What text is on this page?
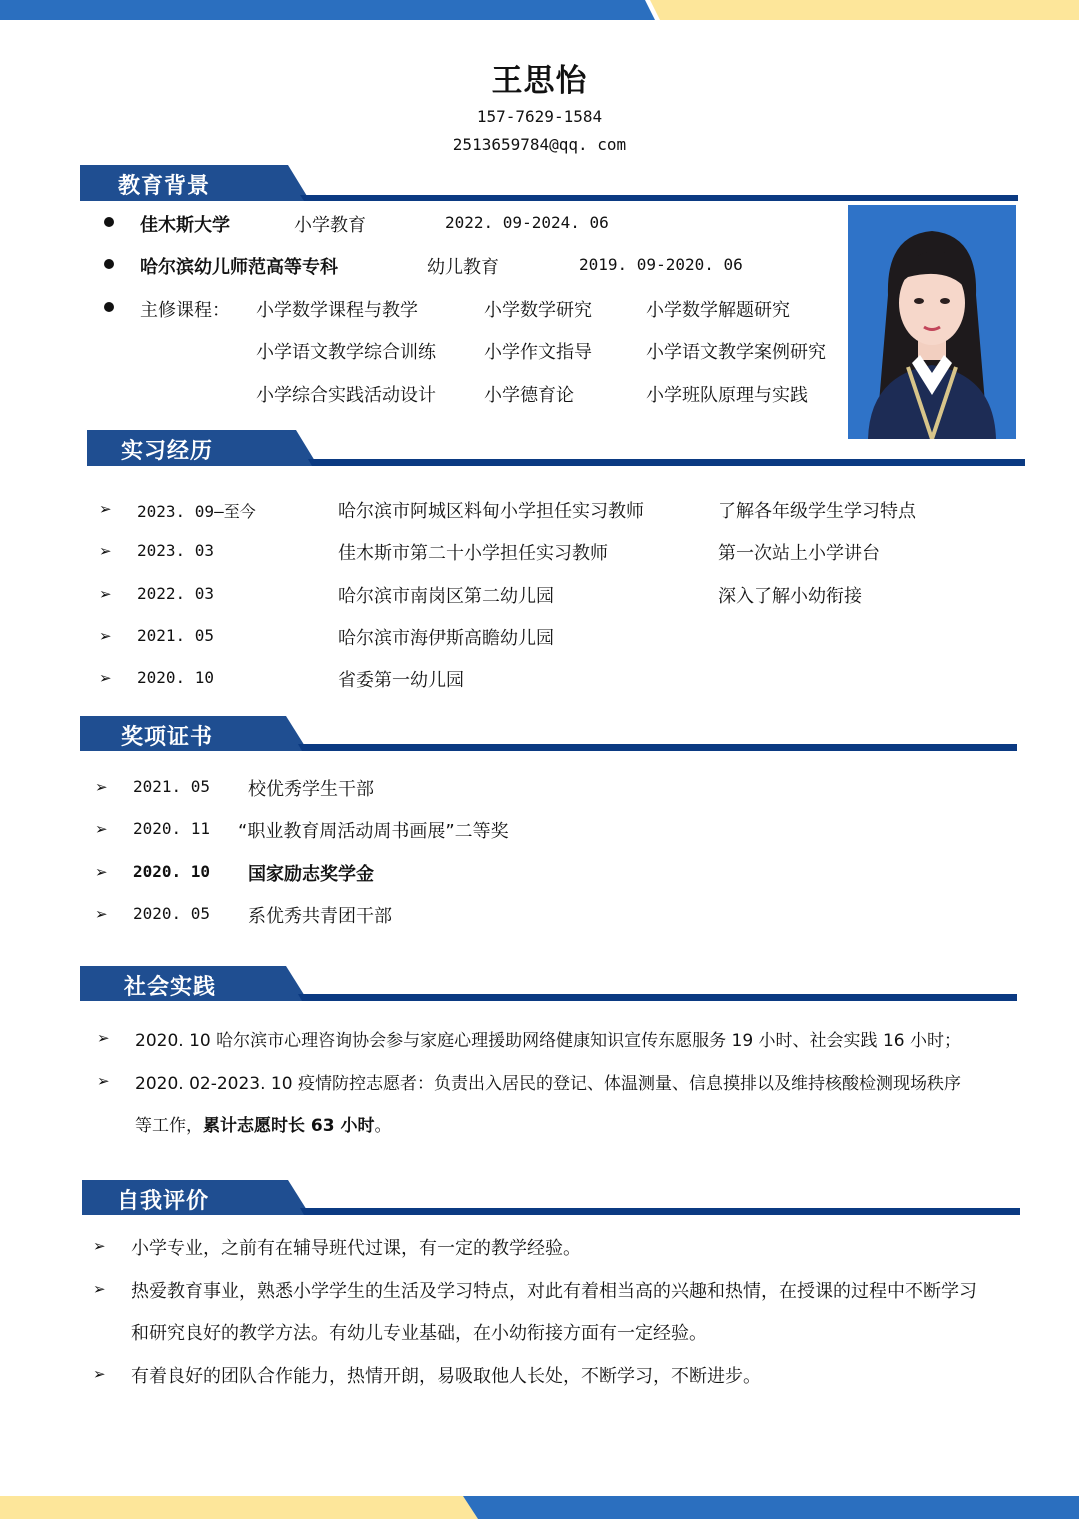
王思怡
157-7629-1584
2513659784@qq. com
教育背景
佳木斯大学	小学教育	2022. 09-2024. 06
哈尔滨幼儿师范高等专科	幼儿教育	2019. 09-2020. 06
主修课程： 小学数学课程与教学	小学数学研究	小学数学解题研究
小学语文教学综合训练	小学作文指导	小学语文教学案例研究
小学综合实践活动设计	小学德育论	小学班队原理与实践
实习经历
➢ 2023. 09—至今	哈尔滨市阿城区料甸小学担任实习教师	了解各年级学生学习特点
➢ 2023. 03	佳木斯市第二十小学担任实习教师	第一次站上小学讲台
➢ 2022. 03	哈尔滨市南岗区第二幼儿园	深入了解小幼衔接
➢ 2021. 05	哈尔滨市海伊斯高瞻幼儿园
➢ 2020. 10	省委第一幼儿园
奖项证书
➢ 2021. 05 校优秀学生干部
➢ 2020. 11 “职业教育周活动周书画展”二等奖
➢ 2020. 10 国家励志奖学金
➢ 2020. 05 系优秀共青团干部
社会实践
➢ 2020. 10 哈尔滨市心理咨询协会参与家庭心理援助网络健康知识宣传东愿服务 19 小时、社会实践 16 小时；
➢ 2020. 02-2023. 10 疫情防控志愿者：负责出入居民的登记、体温测量、信息摸排以及维持核酸检测现场秩序
等工作，累计志愿时长 63 小时。
自我评价
➢ 小学专业，之前有在辅导班代过课，有一定的教学经验。
➢ 热爱教育事业，熟悉小学学生的生活及学习特点，对此有着相当高的兴趣和热情，在授课的过程中不断学习
和研究良好的教学方法。有幼儿专业基础，在小幼衔接方面有一定经验。
➢ 有着良好的团队合作能力，热情开朗，易吸取他人长处，不断学习，不断进步。
